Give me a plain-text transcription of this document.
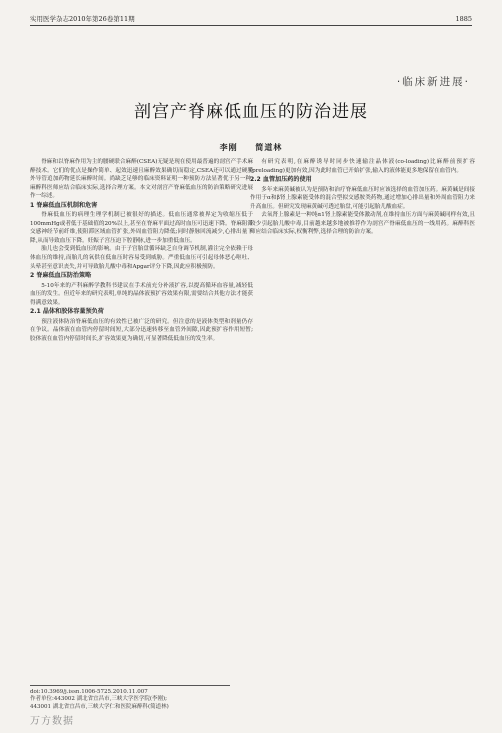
实用医学杂志2010年第26卷第11期	1885
·临床新进展·
剖宫产脊麻低血压的防治进展
李刚 简道林

脊麻和以脊麻作用为主的腰硬联合麻醉(CSEA)无疑是现在使用最普遍的剖宫产手术麻醉技术。它们的优点是操作简单、起效迅速且麻醉效果确切而稳定,CSEA还可以通过硬膜外导管追加药物延长麻醉时间。尚缺乏足够的临床资料证明一种预防方法显著优于另一种,麻醉科医师应结合临床实际,选择合理方案。本文对剖宫产脊麻低血压的防治策略研究进展作一综述。

1 脊麻低血压机制和危害

脊麻低血压的病理生理学机制已被很好的描述。低血压通常被界定为收缩压低于100mmHg或者低于基础值的20%以上,甚至在脊麻平面过高时血压可迅速下降。脊麻阻滞交感神经节前纤维,使阻滞区域血管扩张,外周血管阻力降低;同时静脉回流减少,心排出量下降,从而导致血压下降。妊娠子宫压迫下腔静脉,进一步加重低血压。

胎儿也会受到低血压的影响。由于子宫胎盘循环缺乏自身调节机制,灌注完全依赖于母体血压的维持,而胎儿的氧供在低血压时容易受到威胁。严重低血压可引起母体恶心呕吐、头晕甚至意识丧失,并可导致胎儿酸中毒和Apgar评分下降,因此应积极预防。

2 脊麻低血压防治策略

5-10年来的产科麻醉学教科书建议在手术前充分补液扩容,以提高循环血容量,减轻低血压的发生。但近年来的研究表明,单纯的晶体液预扩容效果有限,需要结合其他方法才能获得满意效果。

2.1 晶体和胶体容量预负荷

预注液体防治脊麻低血压的有效性已被广泛的研究。但注意的是液体类型和剂量仍存在争议。晶体液在血管内停留时间短,大部分迅速转移至血管外间隙,因此预扩容作用短暂;胶体液在血管内停留时间长,扩容效果更为确切,可显著降低低血压的发生率。

有研究表明,在麻醉诱导时同步快速输注晶体液(co-loading)比麻醉前预扩容(preloading)更加有效,因为此时血管已开始扩张,输入的液体能更多地保留在血管内。

2.2 血管加压药的使用

多年来麻黄碱被认为是预防和治疗脊麻低血压时应该选择的血管加压药。麻黄碱是间接作用于α和β肾上腺素能受体的混合型拟交感胺类药物,通过增加心排出量和外周血管阻力来升高血压。但研究发现麻黄碱可透过胎盘,可能引起胎儿酸血症。

去氧肾上腺素是一种纯α1肾上腺素能受体激动剂,在维持血压方面与麻黄碱同样有效,且较少引起胎儿酸中毒,目前越来越多地被推荐作为剖宫产脊麻低血压的一线用药。麻醉科医师应结合临床实际,权衡利弊,选择合理的防治方案。

doi:10.3969/j.issn.1006-5725.2010.11.007
作者单位:443002 湖北省宜昌市,三峡大学医学院(李刚);
443001 湖北省宜昌市,三峡大学仁和医院麻醉科(简道林)
万方数据
